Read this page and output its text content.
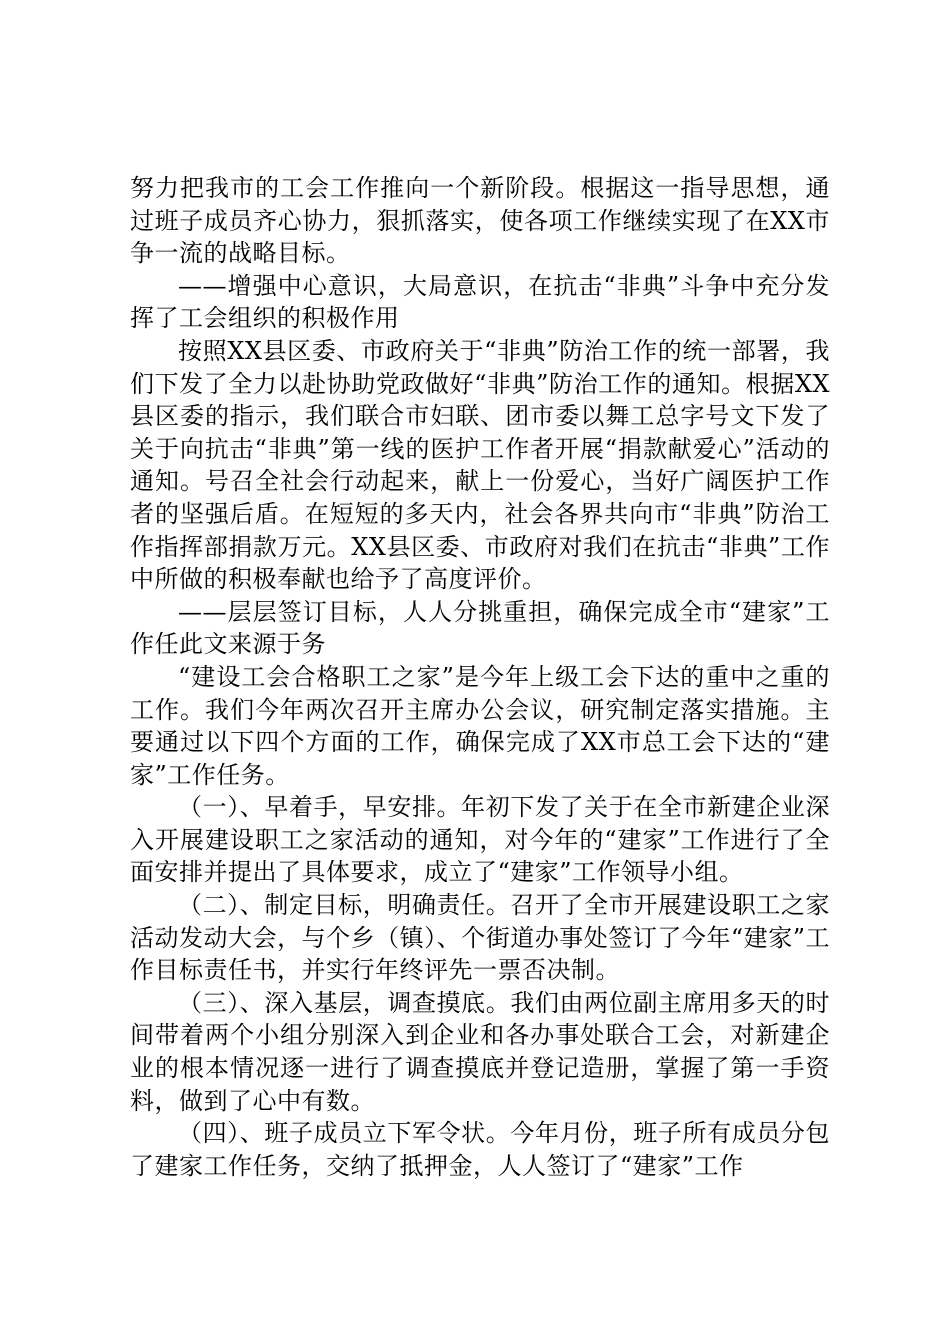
努力把我市的工会工作推向一个新阶段。根据这一指导思想，通过班子成员齐心协力，狠抓落实，使各项工作继续实现了在XX市争一流的战略目标。

——增强中心意识，大局意识，在抗击“非典”斗争中充分发挥了工会组织的积极作用

按照XX县区委、市政府关于“非典”防治工作的统一部署，我们下发了全力以赴协助党政做好“非典”防治工作的通知。根据XX县区委的指示，我们联合市妇联、团市委以舞工总字号文下发了关于向抗击“非典”第一线的医护工作者开展“捐款献爱心”活动的通知。号召全社会行动起来，献上一份爱心，当好广阔医护工作者的坚强后盾。在短短的多天内，社会各界共向市“非典”防治工作指挥部捐款万元。XX县区委、市政府对我们在抗击“非典”工作中所做的积极奉献也给予了高度评价。

——层层签订目标，人人分挑重担，确保完成全市“建家”工作任此文来源于务

“建设工会合格职工之家”是今年上级工会下达的重中之重的工作。我们今年两次召开主席办公会议，研究制定落实措施。主要通过以下四个方面的工作，确保完成了XX市总工会下达的“建家”工作任务。

（一）、早着手，早安排。年初下发了关于在全市新建企业深入开展建设职工之家活动的通知，对今年的“建家”工作进行了全面安排并提出了具体要求，成立了“建家”工作领导小组。

（二）、制定目标，明确责任。召开了全市开展建设职工之家活动发动大会，与个乡（镇）、个街道办事处签订了今年“建家”工作目标责任书，并实行年终评先一票否决制。

（三）、深入基层，调查摸底。我们由两位副主席用多天的时间带着两个小组分别深入到企业和各办事处联合工会，对新建企业的根本情况逐一进行了调查摸底并登记造册，掌握了第一手资料，做到了心中有数。

（四）、班子成员立下军令状。今年月份，班子所有成员分包了建家工作任务，交纳了抵押金，人人签订了“建家”工作
